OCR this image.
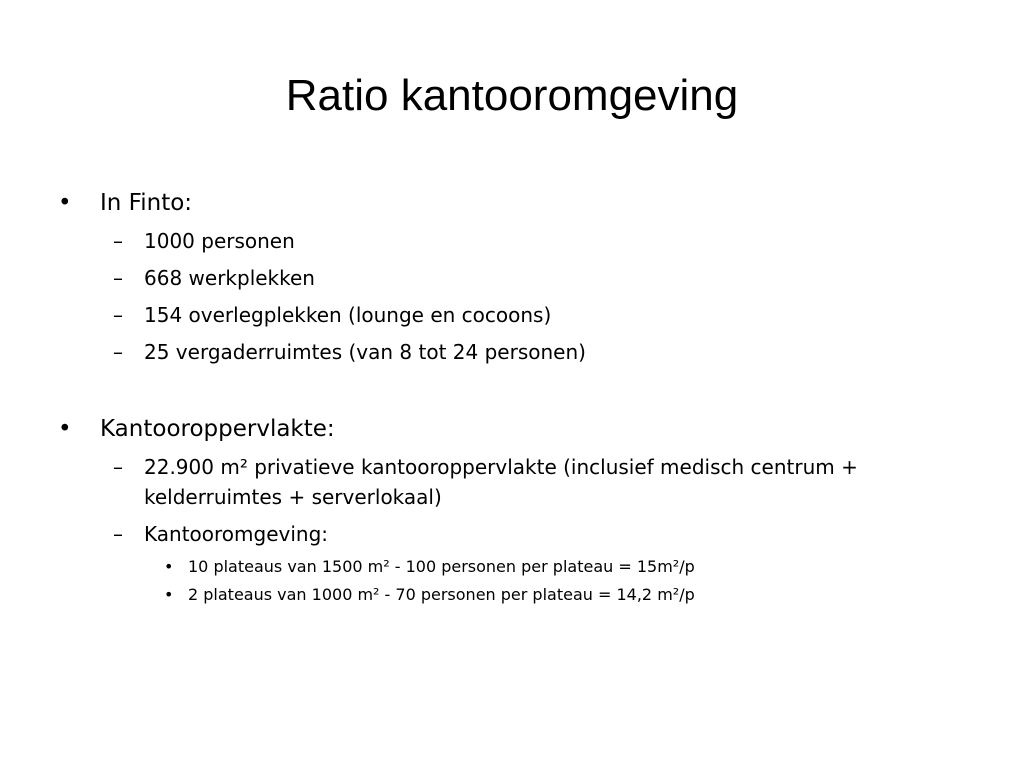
Ratio kantooromgeving
• In Finto:
– 1000 personen
– 668 werkplekken
– 154 overlegplekken (lounge en cocoons)
– 25 vergaderruimtes (van 8 tot 24 personen)
• Kantooroppervlakte:
– 22.900 m² privatieve kantooroppervlakte (inclusief medisch centrum + kelderruimtes + serverlokaal)
– Kantooromgeving:
• 10 plateaus van 1500 m² - 100 personen per plateau = 15m²/p
• 2 plateaus van 1000 m² - 70 personen per plateau = 14,2 m²/p
